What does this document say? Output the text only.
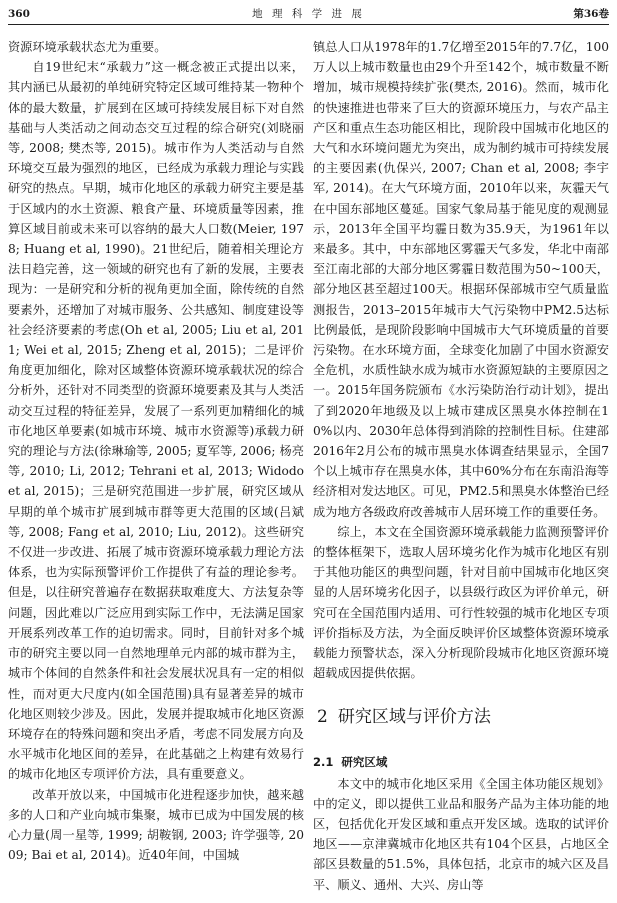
360	地 理 科 学 进 展	第36卷

资源环境承载状态尤为重要。

自19世纪末“承载力”这一概念被正式提出以来，其内涵已从最初的单纯研究特定区域可维持某一物种个体的最大数量，扩展到在区域可持续发展目标下对自然基础与人类活动之间动态交互过程的综合研究(刘晓丽等, 2008; 樊杰等, 2015)。城市作为人类活动与自然环境交互最为强烈的地区，已经成为承载力理论与实践研究的热点。早期，城市化地区的承载力研究主要是基于区域内的水土资源、粮食产量、环境质量等因素，推算区域目前或未来可以容纳的最大人口数(Meier, 1978; Huang et al, 1990)。21世纪后，随着相关理论方法日趋完善，这一领域的研究也有了新的发展，主要表现为：一是研究和分析的视角更加全面，除传统的自然要素外，还增加了对城市服务、公共感知、制度建设等社会经济要素的考虑(Oh et al, 2005; Liu et al, 2011; Wei et al, 2015; Zheng et al, 2015)；二是评价角度更加细化，除对区域整体资源环境承载状况的综合分析外，还针对不同类型的资源环境要素及其与人类活动交互过程的特征差异，发展了一系列更加精细化的城市化地区单要素(如城市环境、城市水资源等)承载力研究的理论与方法(徐琳瑜等, 2005; 夏军等, 2006; 杨亮等, 2010; Li, 2012; Tehrani et al, 2013; Widodo et al, 2015)；三是研究范围进一步扩展，研究区域从早期的单个城市扩展到城市群等更大范围的区域(吕斌等, 2008; Fang et al, 2010; Liu, 2012)。这些研究不仅进一步改进、拓展了城市资源环境承载力理论方法体系，也为实际预警评价工作提供了有益的理论参考。但是，以往研究普遍存在数据获取难度大、方法复杂等问题，因此难以广泛应用到实际工作中，无法满足国家开展系列改革工作的迫切需求。同时，目前针对多个城市的研究主要以同一自然地理单元内部的城市群为主，城市个体间的自然条件和社会发展状况具有一定的相似性，而对更大尺度内(如全国范围)具有显著差异的城市化地区则较少涉及。因此，发展并提取城市化地区资源环境存在的特殊问题和突出矛盾，考虑不同发展方向及水平城市化地区间的差异，在此基础之上构建有效易行的城市化地区专项评价方法，具有重要意义。

改革开放以来，中国城市化进程逐步加快，越来越多的人口和产业向城市集聚，城市已成为中国发展的核心力量(周一星等, 1999; 胡鞍钢, 2003; 许学强等, 2009; Bai et al, 2014)。近40年间，中国城

镇总人口从1978年的1.7亿增至2015年的7.7亿，100万人以上城市数量也由29个升至142个，城市数量不断增加，城市规模持续扩张(樊杰, 2016)。然而，城市化的快速推进也带来了巨大的资源环境压力，与农产品主产区和重点生态功能区相比，现阶段中国城市化地区的大气和水环境问题尤为突出，成为制约城市可持续发展的主要因素(仇保兴, 2007; Chan et al, 2008; 李宇军, 2014)。在大气环境方面，2010年以来，灰霾天气在中国东部地区蔓延。国家气象局基于能见度的观测显示，2013年全国平均霾日数为35.9天，为1961年以来最多。其中，中东部地区雾霾天气多发，华北中南部至江南北部的大部分地区雾霾日数范围为50~100天，部分地区甚至超过100天。根据环保部城市空气质量监测报告，2013–2015年城市大气污染物中PM2.5达标比例最低，是现阶段影响中国城市大气环境质量的首要污染物。在水环境方面，全球变化加剧了中国水资源安全危机，水质性缺水成为城市水资源短缺的主要原因之一。2015年国务院颁布《水污染防治行动计划》，提出了到2020年地级及以上城市建成区黑臭水体控制在10%以内、2030年总体得到消除的控制性目标。住建部2016年2月公布的城市黑臭水体调查结果显示，全国7个以上城市存在黑臭水体，其中60%分布在东南沿海等经济相对发达地区。可见，PM2.5和黑臭水体整治已经成为地方各级政府改善城市人居环境工作的重要任务。

综上，本文在全国资源环境承载能力监测预警评价的整体框架下，选取人居环境劣化作为城市化地区有别于其他功能区的典型问题，针对目前中国城市化地区突显的人居环境劣化因子，以县级行政区为评价单元，研究可在全国范围内适用、可行性较强的城市化地区专项评价指标及方法，为全面反映评价区域整体资源环境承载能力预警状态，深入分析现阶段城市化地区资源环境超载成因提供依据。

2 研究区域与评价方法
2.1 研究区域

本文中的城市化地区采用《全国主体功能区规划》中的定义，即以提供工业品和服务产品为主体功能的地区，包括优化开发区域和重点开发区域。选取的试评价地区——京津冀城市化地区共有104个区县，占地区全部区县数量的51.5%，具体包括，北京市的城六区及昌平、顺义、通州、大兴、房山等
